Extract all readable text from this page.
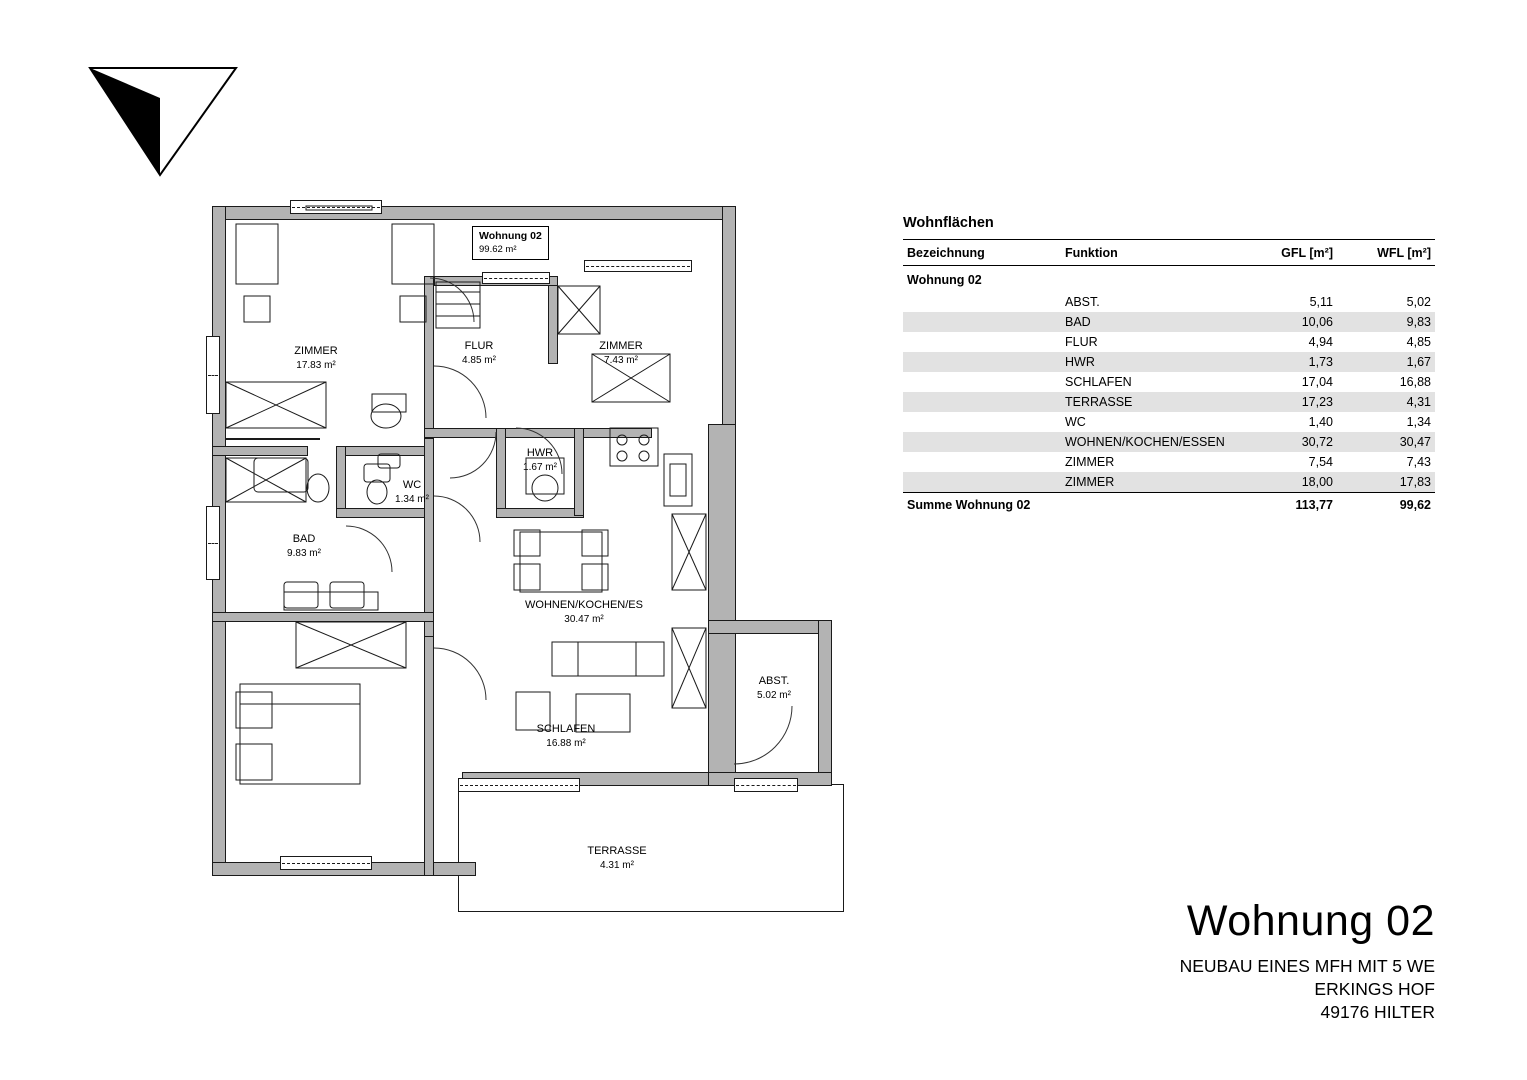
Wohnung 02
99.62 m²
ZIMMER
17.83 m²
FLUR
4.85 m²
ZIMMER
7.43 m²
HWR
1.67 m²
WC
1.34 m²
BAD
9.83 m²
WOHNEN/KOCHEN/ES
30.47 m²
SCHLAFEN
16.88 m²
ABST.
5.02 m²
TERRASSE
4.31 m²
Wohnflächen
Bezeichnung	Funktion	GFL [m²]	WFL [m²]
Wohnung 02			
	ABST.	5,11	5,02
	BAD	10,06	9,83
	FLUR	4,94	4,85
	HWR	1,73	1,67
	SCHLAFEN	17,04	16,88
	TERRASSE	17,23	4,31
	WC	1,40	1,34
	WOHNEN/KOCHEN/ESSEN	30,72	30,47
	ZIMMER	7,54	7,43
	ZIMMER	18,00	17,83
Summe Wohnung 02		113,77	99,62
Wohnung 02
NEUBAU EINES MFH MIT 5 WE
ERKINGS HOF
49176 HILTER
